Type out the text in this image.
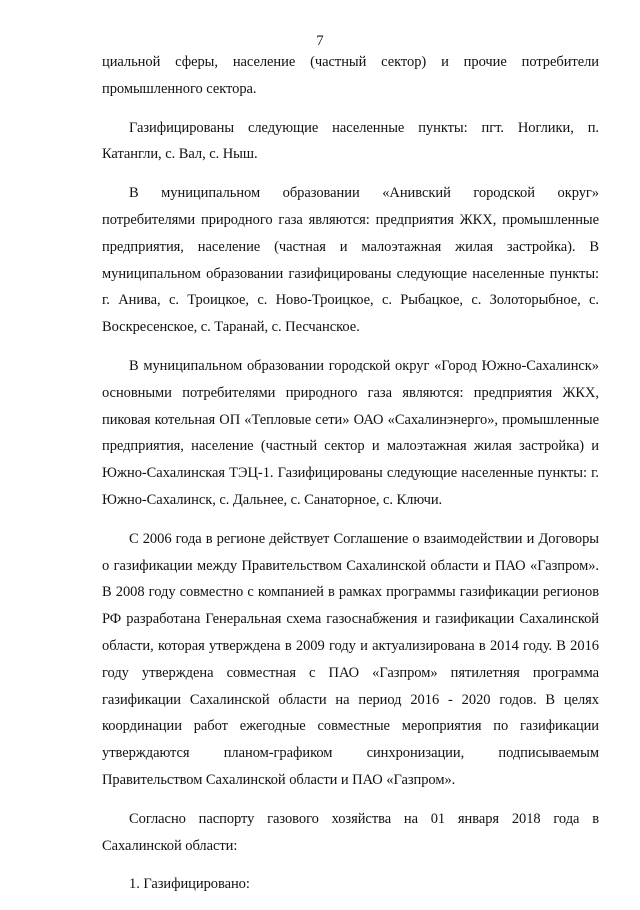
7

циальной сферы, население (частный сектор) и прочие потребители промышленного сектора.

Газифицированы следующие населенные пункты: пгт. Ноглики, п. Катангли, с. Вал, с. Ныш.

В муниципальном образовании «Анивский городской округ» потребителями природного газа являются: предприятия ЖКХ, промышленные предприятия, население (частная и малоэтажная жилая застройка). В муниципальном образовании газифицированы следующие населенные пункты: г. Анива, с. Троицкое, с. Ново-Троицкое, с. Рыбацкое, с. Золоторыбное, с. Воскресенское, с. Таранай, с. Песчанское.

В муниципальном образовании городской округ «Город Южно-Сахалинск» основными потребителями природного газа являются: предприятия ЖКХ, пиковая котельная ОП «Тепловые сети» ОАО «Сахалинэнерго», промышленные предприятия, население (частный сектор и малоэтажная жилая застройка) и Южно-Сахалинская ТЭЦ-1. Газифицированы следующие населенные пункты: г. Южно-Сахалинск, с. Дальнее, с. Санаторное, с. Ключи.

С 2006 года в регионе действует Соглашение о взаимодействии и Договоры о газификации между Правительством Сахалинской области и ПАО «Газпром». В 2008 году совместно с компанией в рамках программы газификации регионов РФ разработана Генеральная схема газоснабжения и газификации Сахалинской области, которая утверждена в 2009 году и актуализирована в 2014 году. В 2016 году утверждена совместная с ПАО «Газпром» пятилетняя программа газификации Сахалинской области на период 2016 - 2020 годов. В целях координации работ ежегодные совместные мероприятия по газификации утверждаются планом-графиком синхронизации, подписываемым Правительством Сахалинской области и ПАО «Газпром».

Согласно паспорту газового хозяйства на 01 января 2018 года в Сахалинской области:

1. Газифицировано:
